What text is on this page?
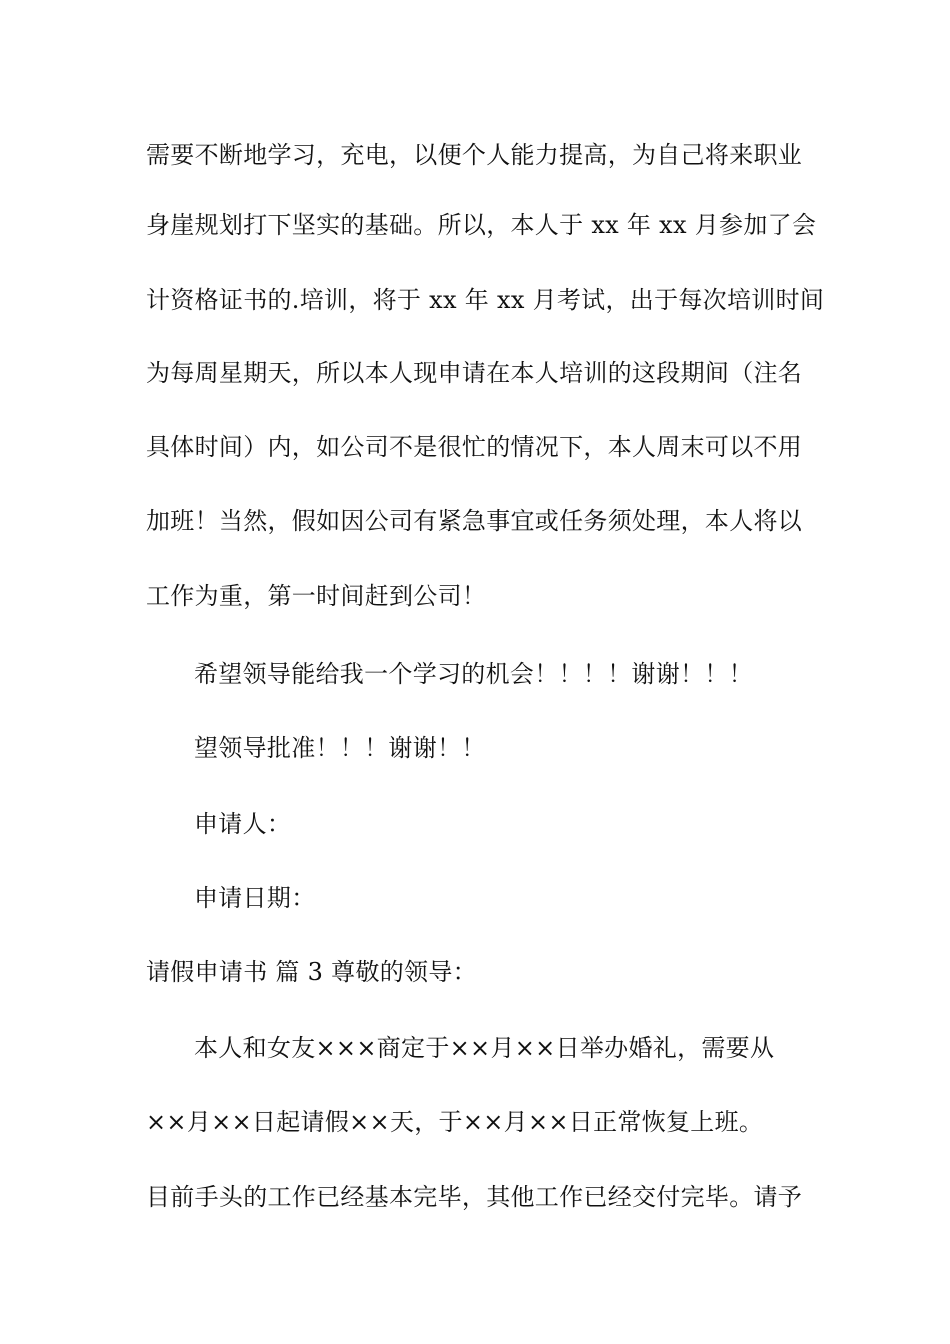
需要不断地学习，充电，以便个人能力提高，为自己将来职业
身崖规划打下坚实的基础。所以，本人于 xx 年 xx 月参加了会
计资格证书的.培训，将于 xx 年 xx 月考试，出于每次培训时间
为每周星期天，所以本人现申请在本人培训的这段期间（注名
具体时间）内，如公司不是很忙的情况下，本人周末可以不用
加班！当然，假如因公司有紧急事宜或任务须处理，本人将以
工作为重，第一时间赶到公司！
希望领导能给我一个学习的机会！！！！谢谢！！！
望领导批准！！！谢谢！！
申请人：
申请日期：
请假申请书 篇 3 尊敬的领导：
本人和女友×××商定于××月××日举办婚礼，需要从
××月××日起请假××天，于××月××日正常恢复上班。
目前手头的工作已经基本完毕，其他工作已经交付完毕。请予
